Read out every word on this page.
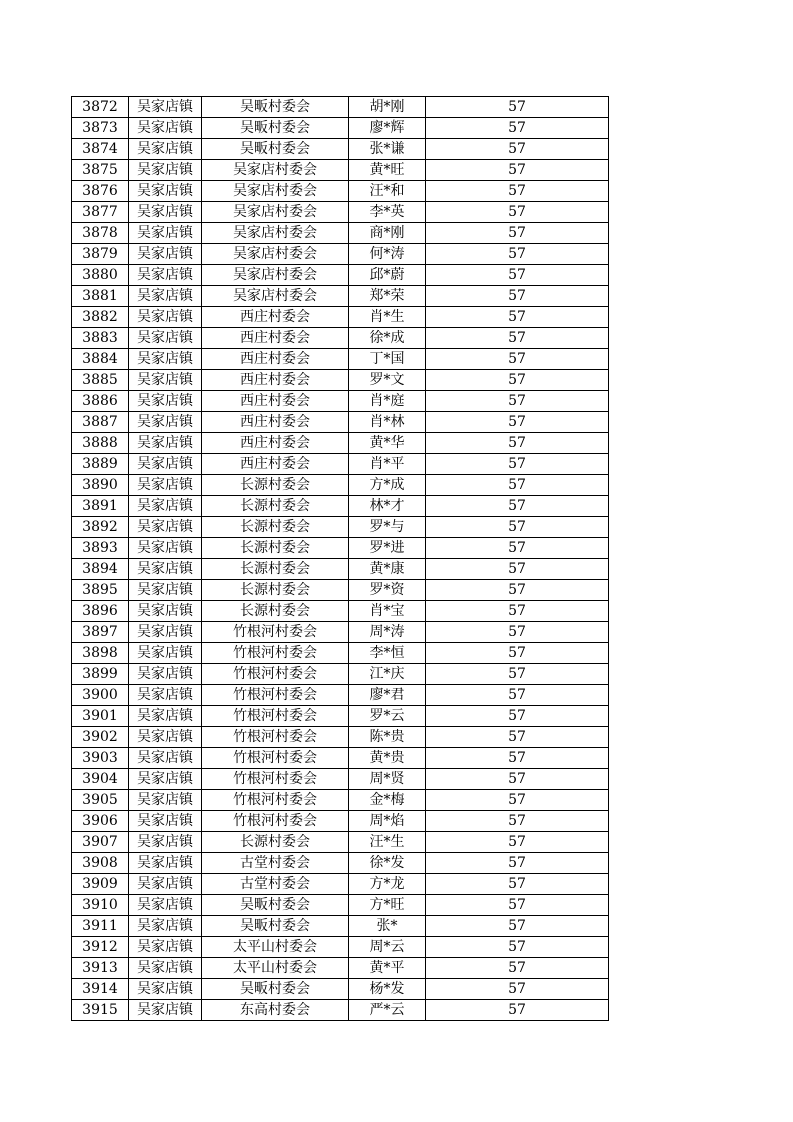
3872	吴家店镇	吴畈村委会	胡*刚	57
3873	吴家店镇	吴畈村委会	廖*辉	57
3874	吴家店镇	吴畈村委会	张*谦	57
3875	吴家店镇	吴家店村委会	黄*旺	57
3876	吴家店镇	吴家店村委会	汪*和	57
3877	吴家店镇	吴家店村委会	李*英	57
3878	吴家店镇	吴家店村委会	商*刚	57
3879	吴家店镇	吴家店村委会	何*涛	57
3880	吴家店镇	吴家店村委会	邱*蔚	57
3881	吴家店镇	吴家店村委会	郑*荣	57
3882	吴家店镇	西庄村委会	肖*生	57
3883	吴家店镇	西庄村委会	徐*成	57
3884	吴家店镇	西庄村委会	丁*国	57
3885	吴家店镇	西庄村委会	罗*文	57
3886	吴家店镇	西庄村委会	肖*庭	57
3887	吴家店镇	西庄村委会	肖*林	57
3888	吴家店镇	西庄村委会	黄*华	57
3889	吴家店镇	西庄村委会	肖*平	57
3890	吴家店镇	长源村委会	方*成	57
3891	吴家店镇	长源村委会	林*才	57
3892	吴家店镇	长源村委会	罗*与	57
3893	吴家店镇	长源村委会	罗*进	57
3894	吴家店镇	长源村委会	黄*康	57
3895	吴家店镇	长源村委会	罗*资	57
3896	吴家店镇	长源村委会	肖*宝	57
3897	吴家店镇	竹根河村委会	周*涛	57
3898	吴家店镇	竹根河村委会	李*恒	57
3899	吴家店镇	竹根河村委会	江*庆	57
3900	吴家店镇	竹根河村委会	廖*君	57
3901	吴家店镇	竹根河村委会	罗*云	57
3902	吴家店镇	竹根河村委会	陈*贵	57
3903	吴家店镇	竹根河村委会	黄*贵	57
3904	吴家店镇	竹根河村委会	周*贤	57
3905	吴家店镇	竹根河村委会	金*梅	57
3906	吴家店镇	竹根河村委会	周*焰	57
3907	吴家店镇	长源村委会	汪*生	57
3908	吴家店镇	古堂村委会	徐*发	57
3909	吴家店镇	古堂村委会	方*龙	57
3910	吴家店镇	吴畈村委会	方*旺	57
3911	吴家店镇	吴畈村委会	张*	57
3912	吴家店镇	太平山村委会	周*云	57
3913	吴家店镇	太平山村委会	黄*平	57
3914	吴家店镇	吴畈村委会	杨*发	57
3915	吴家店镇	东高村委会	严*云	57
